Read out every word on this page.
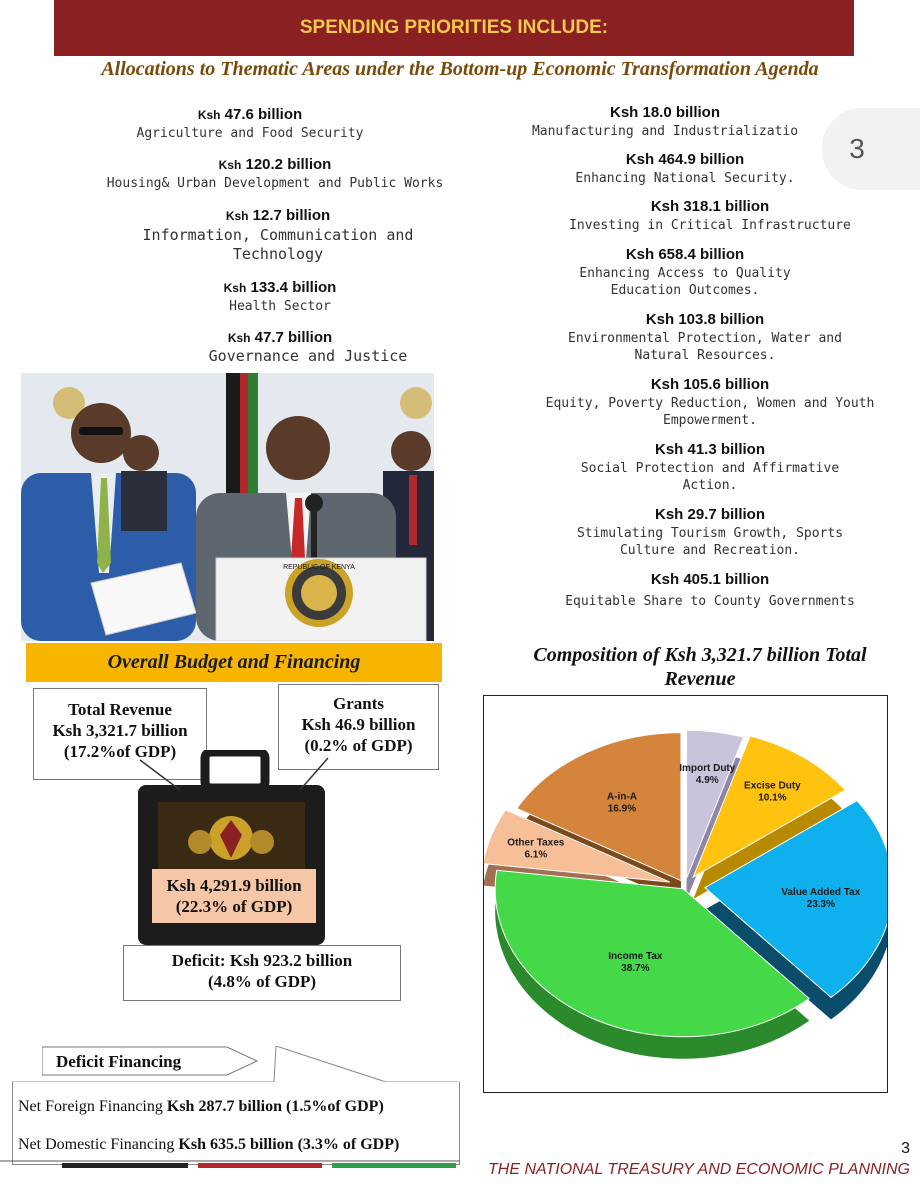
SPENDING PRIORITIES INCLUDE:
Allocations to Thematic Areas under the Bottom-up Economic Transformation Agenda
Ksh 47.6 billion
Agriculture and Food Security
Ksh 120.2 billion
Housing& Urban Development and Public Works
Ksh 12.7 billion
Information, Communication and Technology
Ksh 133.4 billion
Health Sector
Ksh 47.7 billion
Governance and Justice
Ksh 18.0 billion
Manufacturing and Industrializatio
Ksh 464.9 billion
Enhancing National Security.
Ksh 318.1 billion
Investing in Critical Infrastructure
Ksh 658.4 billion
Enhancing Access to Quality Education Outcomes.
Ksh 103.8 billion
Environmental Protection, Water and Natural Resources.
Ksh 105.6 billion
Equity, Poverty Reduction, Women and Youth Empowerment.
Ksh 41.3 billion
Social Protection and Affirmative Action.
Ksh 29.7 billion
Stimulating Tourism Growth, Sports Culture and Recreation.
Ksh 405.1 billion
Equitable Share to County Governments
3
REPUBLIC OF KENYA
Overall Budget and Financing
Total Revenue
Ksh 3,321.7 billion
(17.2%of GDP)
Grants
Ksh 46.9 billion
(0.2% of GDP)
Ksh 4,291.9 billion
(22.3% of GDP)
Deficit: Ksh 923.2 billion
(4.8% of GDP)
Deficit Financing
Net Foreign Financing Ksh 287.7 billion (1.5%of GDP)
Net Domestic Financing Ksh 635.5 billion (3.3% of GDP)
Composition of Ksh 3,321.7 billion Total Revenue
Import Duty
4.9%
Excise Duty
10.1%
Value Added Tax
23.3%
Income Tax
38.7%
Other Taxes
6.1%
A-in-A
16.9%
3
THE NATIONAL TREASURY AND ECONOMIC PLANNING
